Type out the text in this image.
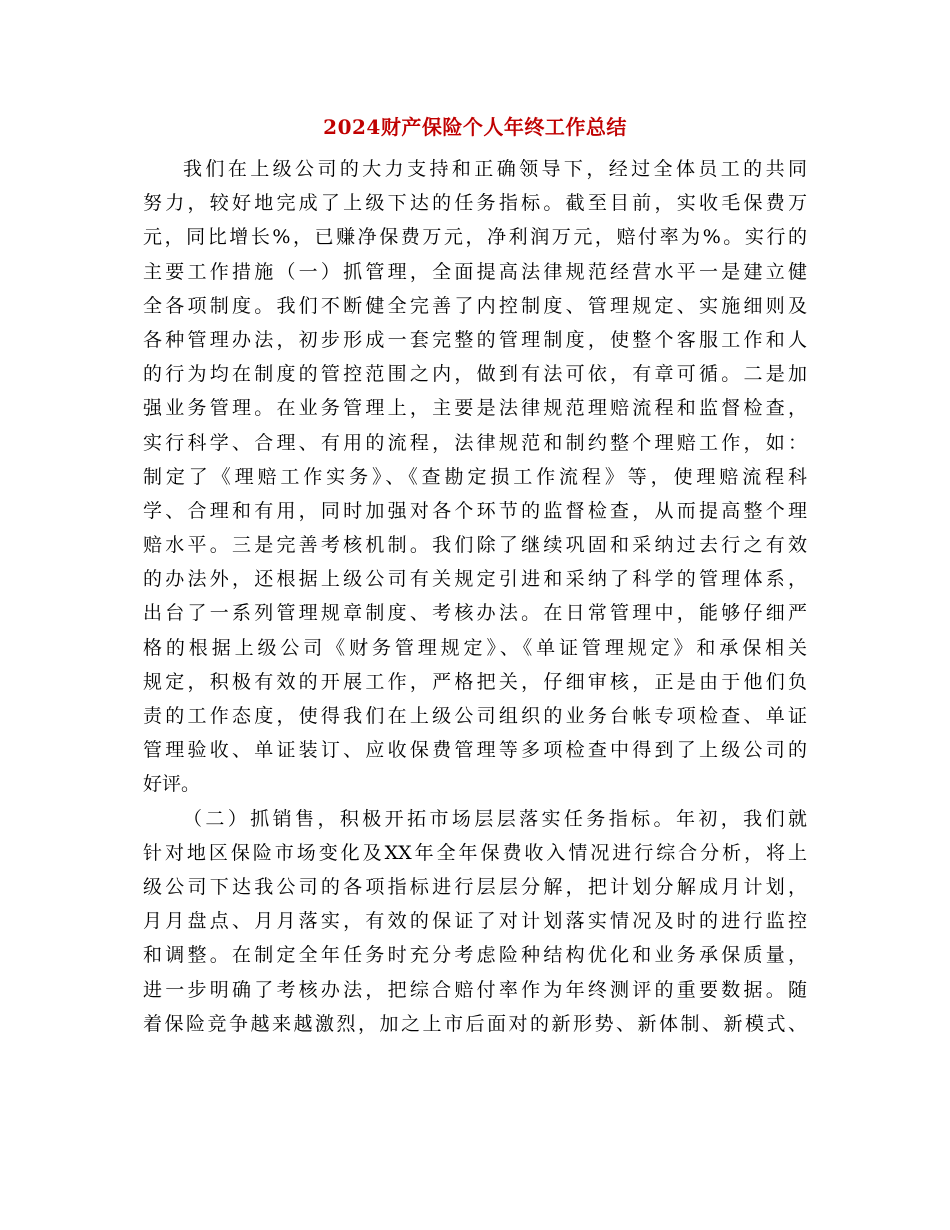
2024财产保险个人年终工作总结
我们在上级公司的大力支持和正确领导下，经过全体员工的共同
努力，较好地完成了上级下达的任务指标。截至目前，实收毛保费万
元，同比增长%，已赚净保费万元，净利润万元，赔付率为%。实行的
主要工作措施（一）抓管理，全面提高法律规范经营水平一是建立健
全各项制度。我们不断健全完善了内控制度、管理规定、实施细则及
各种管理办法，初步形成一套完整的管理制度，使整个客服工作和人
的行为均在制度的管控范围之内，做到有法可依，有章可循。二是加
强业务管理。在业务管理上，主要是法律规范理赔流程和监督检查，
实行科学、合理、有用的流程，法律规范和制约整个理赔工作，如：
制定了《理赔工作实务》、《查勘定损工作流程》等，使理赔流程科
学、合理和有用，同时加强对各个环节的监督检查，从而提高整个理
赔水平。三是完善考核机制。我们除了继续巩固和采纳过去行之有效
的办法外，还根据上级公司有关规定引进和采纳了科学的管理体系，
出台了一系列管理规章制度、考核办法。在日常管理中，能够仔细严
格的根据上级公司《财务管理规定》、《单证管理规定》和承保相关
规定，积极有效的开展工作，严格把关，仔细审核，正是由于他们负
责的工作态度，使得我们在上级公司组织的业务台帐专项检查、单证
管理验收、单证装订、应收保费管理等多项检查中得到了上级公司的
好评。
（二）抓销售，积极开拓市场层层落实任务指标。年初，我们就
针对地区保险市场变化及XX年全年保费收入情况进行综合分析，将上
级公司下达我公司的各项指标进行层层分解，把计划分解成月计划，
月月盘点、月月落实，有效的保证了对计划落实情况及时的进行监控
和调整。在制定全年任务时充分考虑险种结构优化和业务承保质量，
进一步明确了考核办法，把综合赔付率作为年终测评的重要数据。随
着保险竞争越来越激烈，加之上市后面对的新形势、新体制、新模式、
